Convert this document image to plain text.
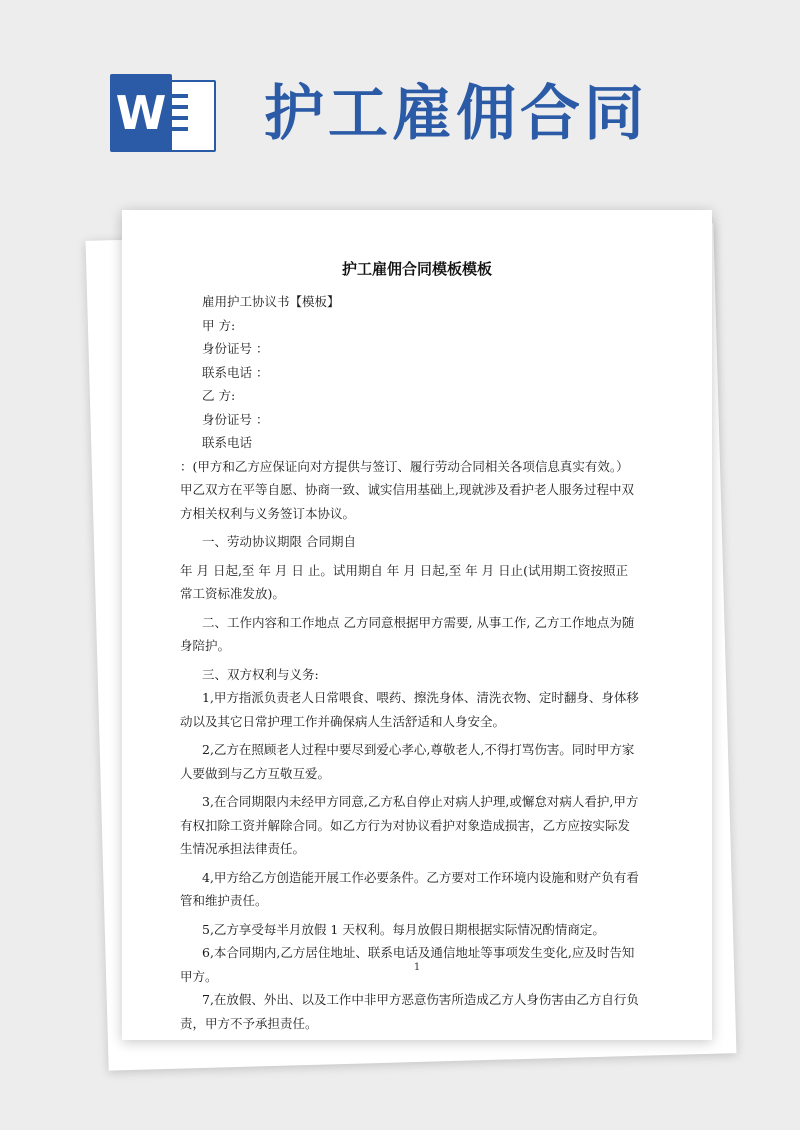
W 护工雇佣合同
护工雇佣合同模板模板

雇用护工协议书【模板】

甲 方:

身份证号 ：

联系电话 ：

乙 方:

身份证号 ：

联系电话

：(甲方和乙方应保证向对方提供与签订、履行劳动合同相关各项信息真实有效。）甲乙双方在平等自愿、协商一致、诚实信用基础上,现就涉及看护老人服务过程中双方相关权利与义务签订本协议。

一、劳动协议期限 合同期自

年 月 日起,至 年 月 日 止。试用期自 年 月 日起,至 年 月 日止(试用期工资按照正常工资标准发放)。

二、工作内容和工作地点 乙方同意根据甲方需要, 从事工作, 乙方工作地点为随身陪护。

三、双方权利与义务:

1,甲方指派负责老人日常喂食、喂药、擦洗身体、清洗衣物、定时翻身、身体移动以及其它日常护理工作并确保病人生活舒适和人身安全。

2,乙方在照顾老人过程中要尽到爱心孝心,尊敬老人,不得打骂伤害。同时甲方家人要做到与乙方互敬互爱。

3,在合同期限内未经甲方同意,乙方私自停止对病人护理,或懈怠对病人看护,甲方有权扣除工资并解除合同。如乙方行为对协议看护对象造成损害，乙方应按实际发生情况承担法律责任。

4,甲方给乙方创造能开展工作必要条件。乙方要对工作环境内设施和财产负有看管和维护责任。

5,乙方享受每半月放假 1 天权利。每月放假日期根据实际情况酌情商定。

6,本合同期内,乙方居住地址、联系电话及通信地址等事项发生变化,应及时告知甲方。

7,在放假、外出、以及工作中非甲方恶意伤害所造成乙方人身伤害由乙方自行负责，甲方不予承担责任。

1
